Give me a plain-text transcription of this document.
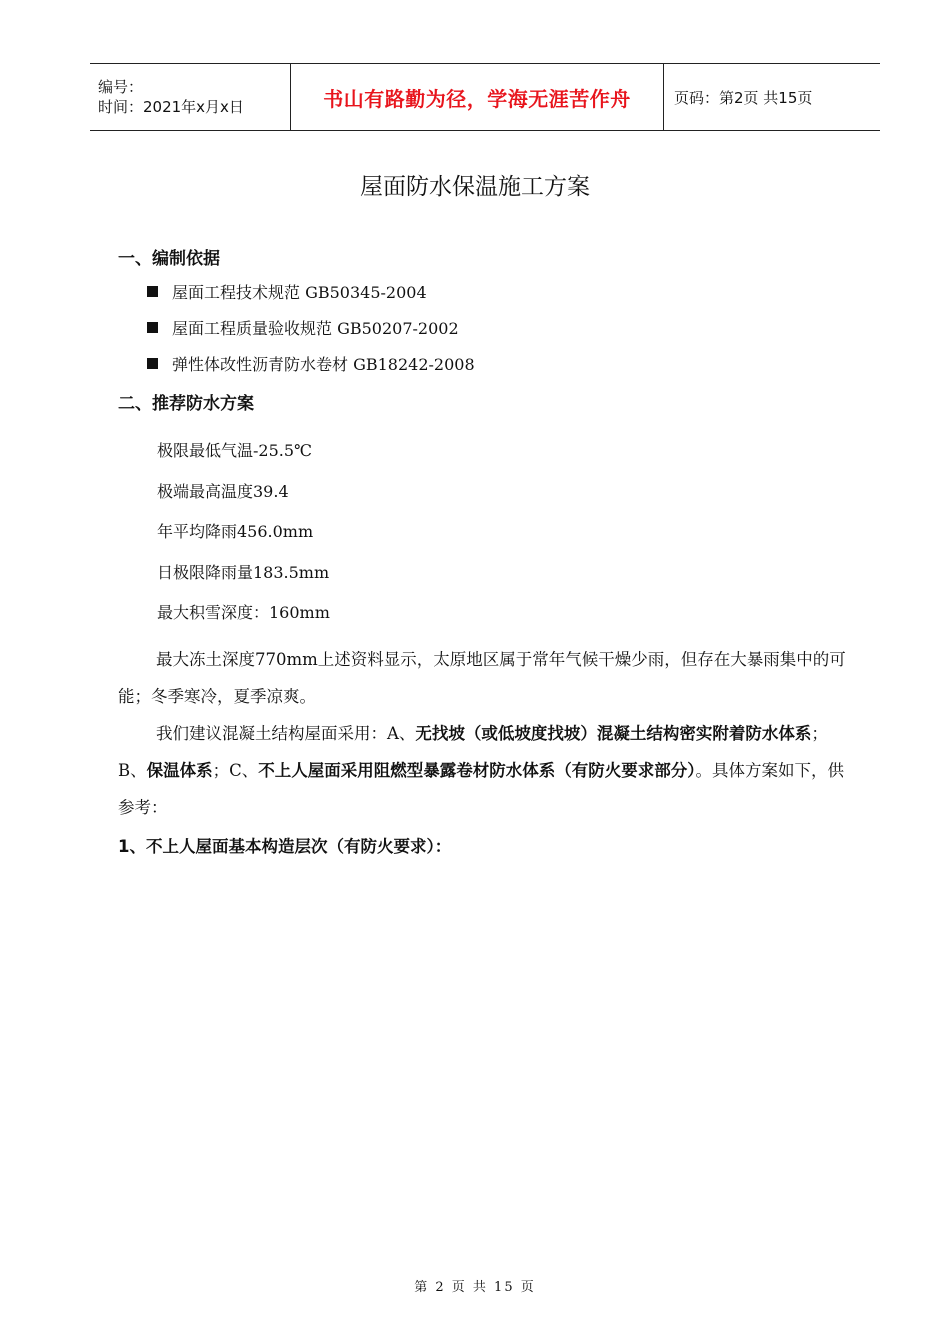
编号：
时间：2021年x月x日	书山有路勤为径，学海无涯苦作舟	页码：第2页 共15页
屋面防水保温施工方案
一、编制依据
屋面工程技术规范 GB50345-2004
屋面工程质量验收规范 GB50207-2002
弹性体改性沥青防水卷材 GB18242-2008
二、推荐防水方案
极限最低气温-25.5℃
极端最高温度39.4
年平均降雨456.0mm
日极限降雨量183.5mm
最大积雪深度：160mm
最大冻土深度770mm上述资料显示，太原地区属于常年气候干燥少雨，但存在大暴雨集中的可能；冬季寒冷，夏季凉爽。
我们建议混凝土结构屋面采用：A、无找坡（或低坡度找坡）混凝土结构密实附着防水体系；B、保温体系；C、不上人屋面采用阻燃型暴露卷材防水体系（有防火要求部分）。具体方案如下，供参考：
1、不上人屋面基本构造层次（有防火要求）：
第 2 页 共 15 页
